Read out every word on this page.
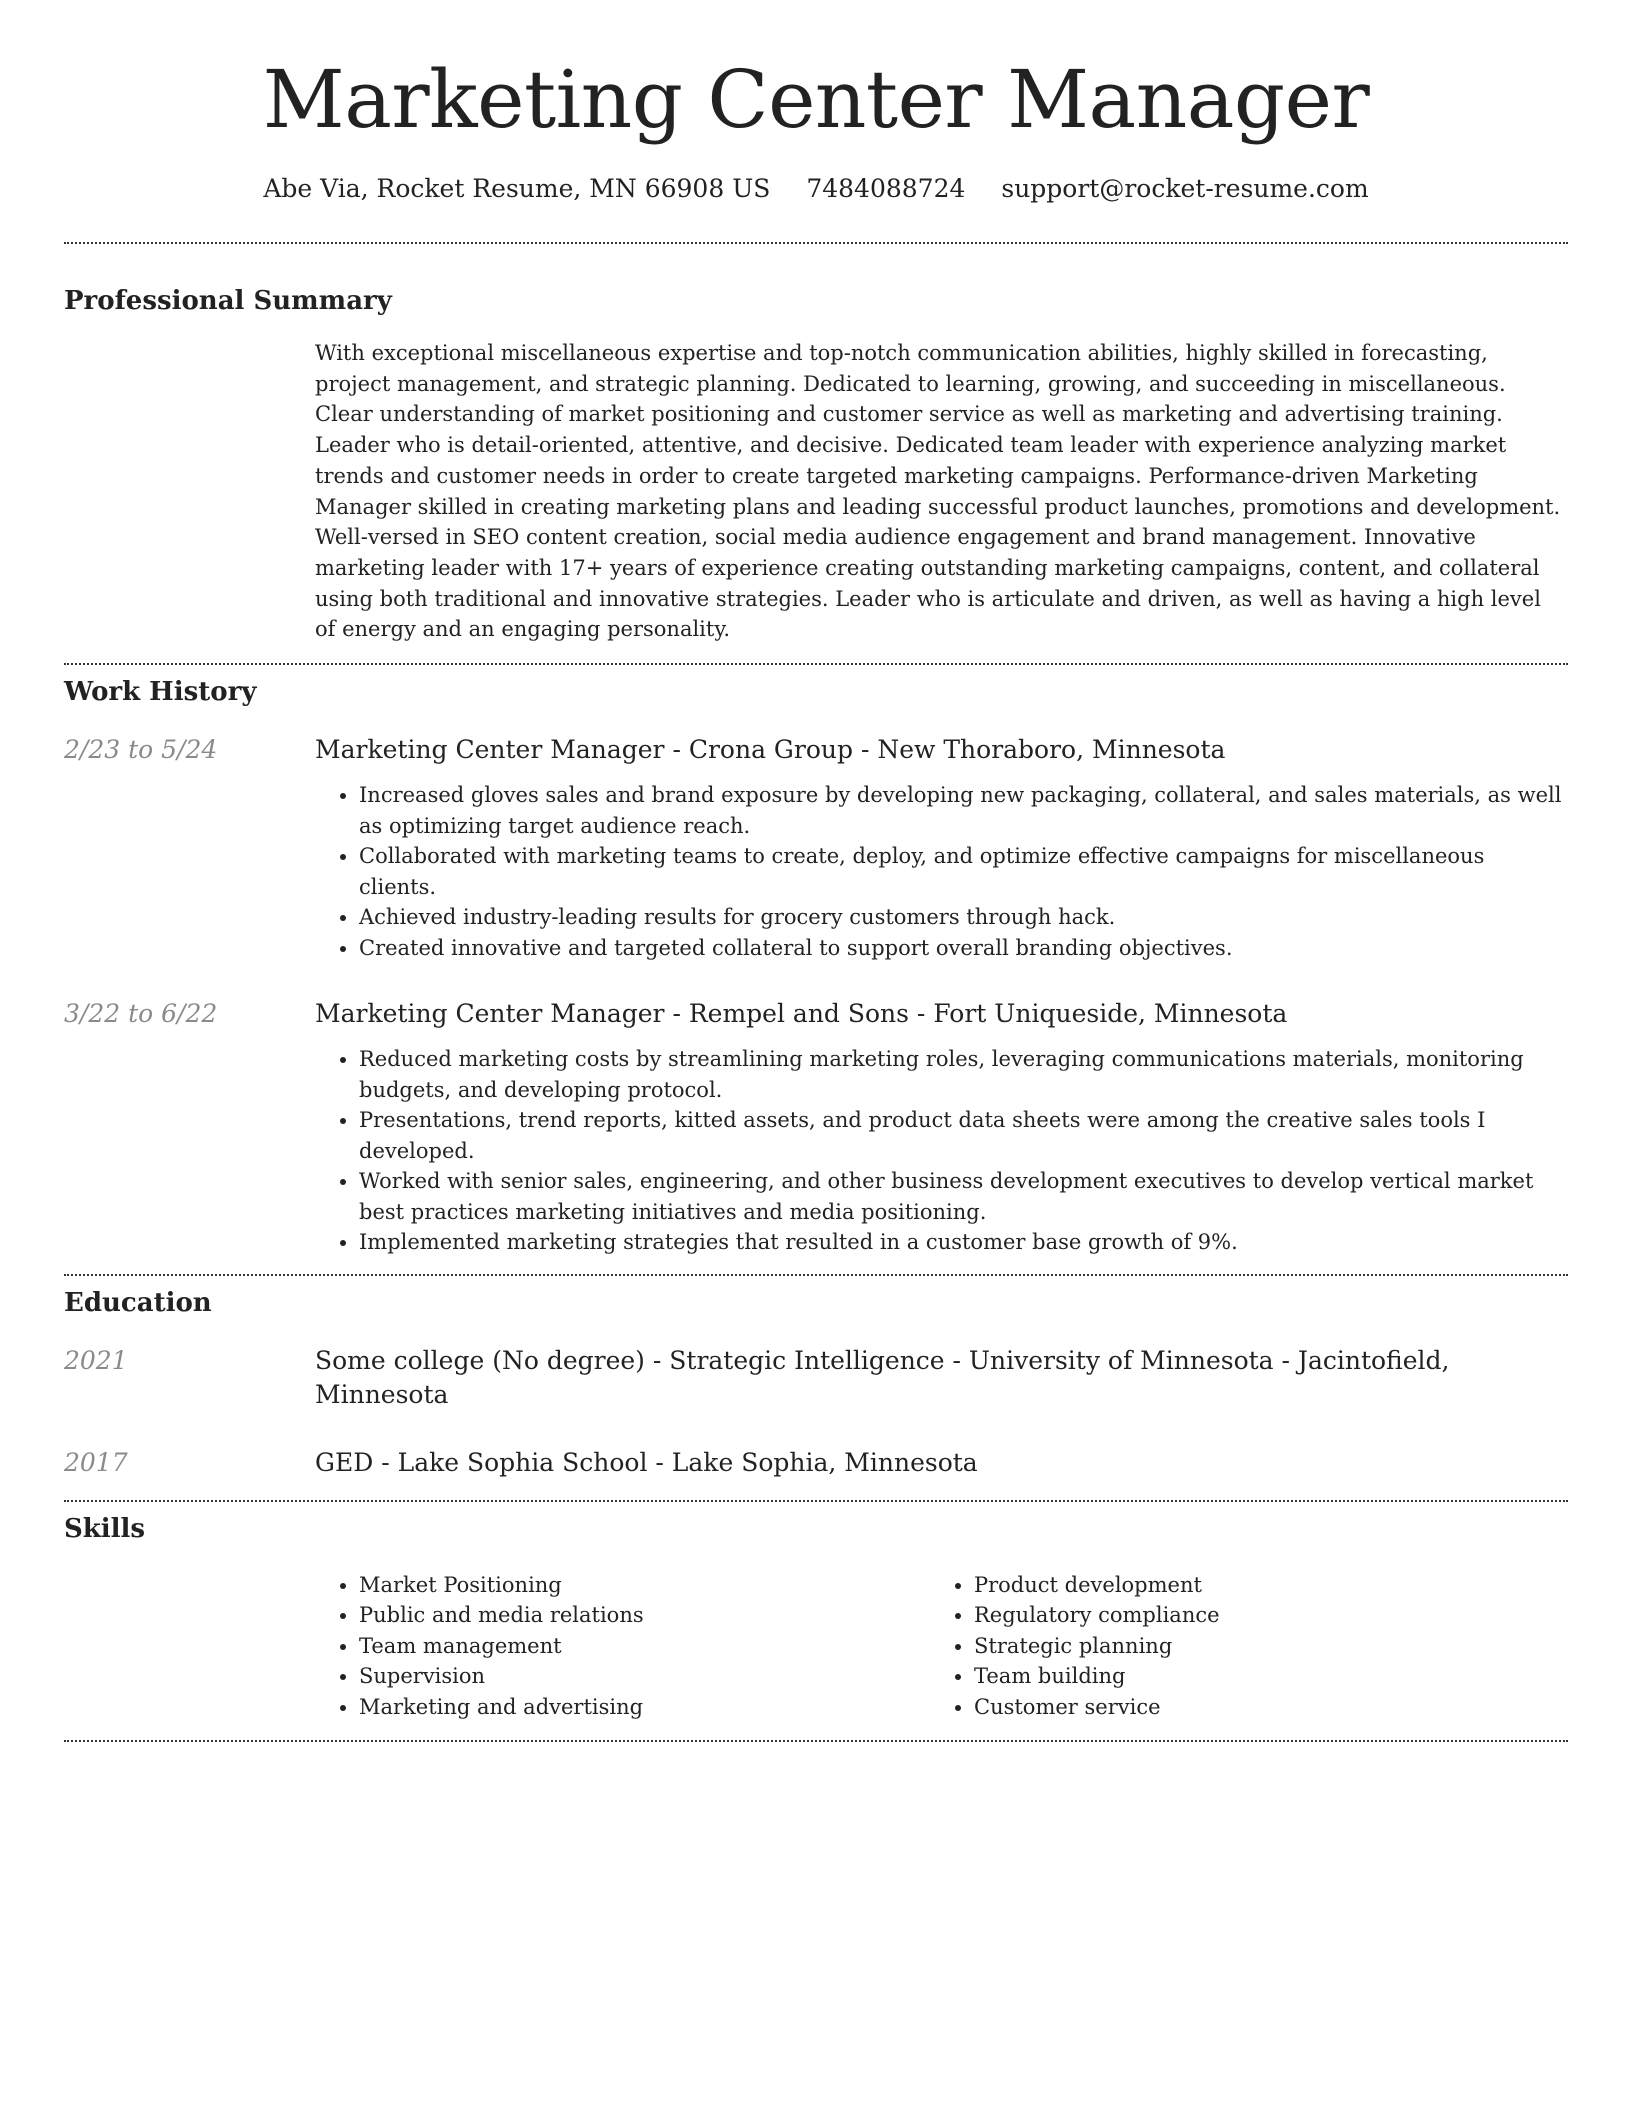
Marketing Center Manager
Abe Via, Rocket Resume, MN 66908 US 7484088724 support@rocket-resume.com
Professional Summary
With exceptional miscellaneous expertise and top-notch communication abilities, highly skilled in forecasting, project management, and strategic planning. Dedicated to learning, growing, and succeeding in miscellaneous. Clear understanding of market positioning and customer service as well as marketing and advertising training. Leader who is detail-oriented, attentive, and decisive. Dedicated team leader with experience analyzing market trends and customer needs in order to create targeted marketing campaigns. Performance-driven Marketing Manager skilled in creating marketing plans and leading successful product launches, promotions and development. Well-versed in SEO content creation, social media audience engagement and brand management. Innovative marketing leader with 17+ years of experience creating outstanding marketing campaigns, content, and collateral using both traditional and innovative strategies. Leader who is articulate and driven, as well as having a high level of energy and an engaging personality.
Work History
2/23 to 5/24	Marketing Center Manager - Crona Group - New Thoraboro, Minnesota
• Increased gloves sales and brand exposure by developing new packaging, collateral, and sales materials, as well as optimizing target audience reach.
• Collaborated with marketing teams to create, deploy, and optimize effective campaigns for miscellaneous clients.
• Achieved industry-leading results for grocery customers through hack.
• Created innovative and targeted collateral to support overall branding objectives.
3/22 to 6/22	Marketing Center Manager - Rempel and Sons - Fort Uniqueside, Minnesota
• Reduced marketing costs by streamlining marketing roles, leveraging communications materials, monitoring budgets, and developing protocol.
• Presentations, trend reports, kitted assets, and product data sheets were among the creative sales tools I developed.
• Worked with senior sales, engineering, and other business development executives to develop vertical market best practices marketing initiatives and media positioning.
• Implemented marketing strategies that resulted in a customer base growth of 9%.
Education
2021	Some college (No degree) - Strategic Intelligence - University of Minnesota - Jacintofield, Minnesota
2017	GED - Lake Sophia School - Lake Sophia, Minnesota
Skills
• Market Positioning
• Public and media relations
• Team management
• Supervision
• Marketing and advertising
• Product development
• Regulatory compliance
• Strategic planning
• Team building
• Customer service
